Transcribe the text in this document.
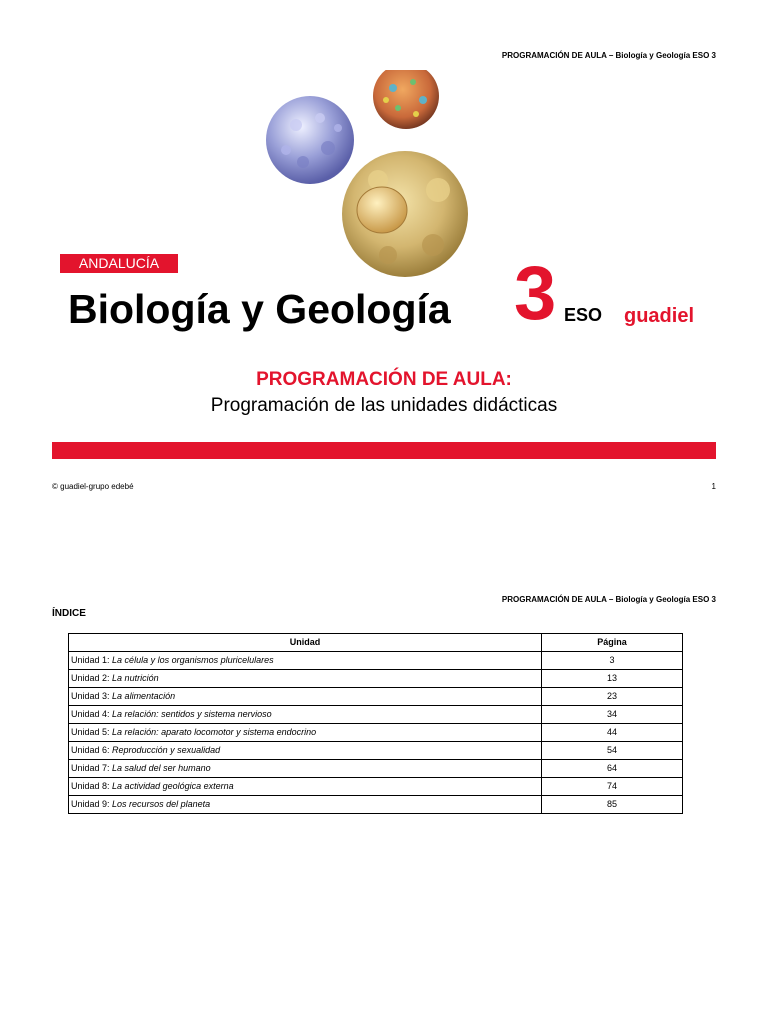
PROGRAMACIÓN DE AULA – Biología y Geología ESO 3
ANDALUCÍA
Biología y Geología 3 ESO guadiel
PROGRAMACIÓN DE AULA:
Programación de las unidades didácticas
© guadiel-grupo edebé	1
PROGRAMACIÓN DE AULA – Biología y Geología ESO 3
ÍNDICE
Unidad	Página
Unidad 1: La célula y los organismos pluricelulares	3
Unidad 2: La nutrición	13
Unidad 3: La alimentación	23
Unidad 4: La relación: sentidos y sistema nervioso	34
Unidad 5: La relación: aparato locomotor y sistema endocrino	44
Unidad 6: Reproducción y sexualidad	54
Unidad 7: La salud del ser humano	64
Unidad 8: La actividad geológica externa	74
Unidad 9: Los recursos del planeta	85
